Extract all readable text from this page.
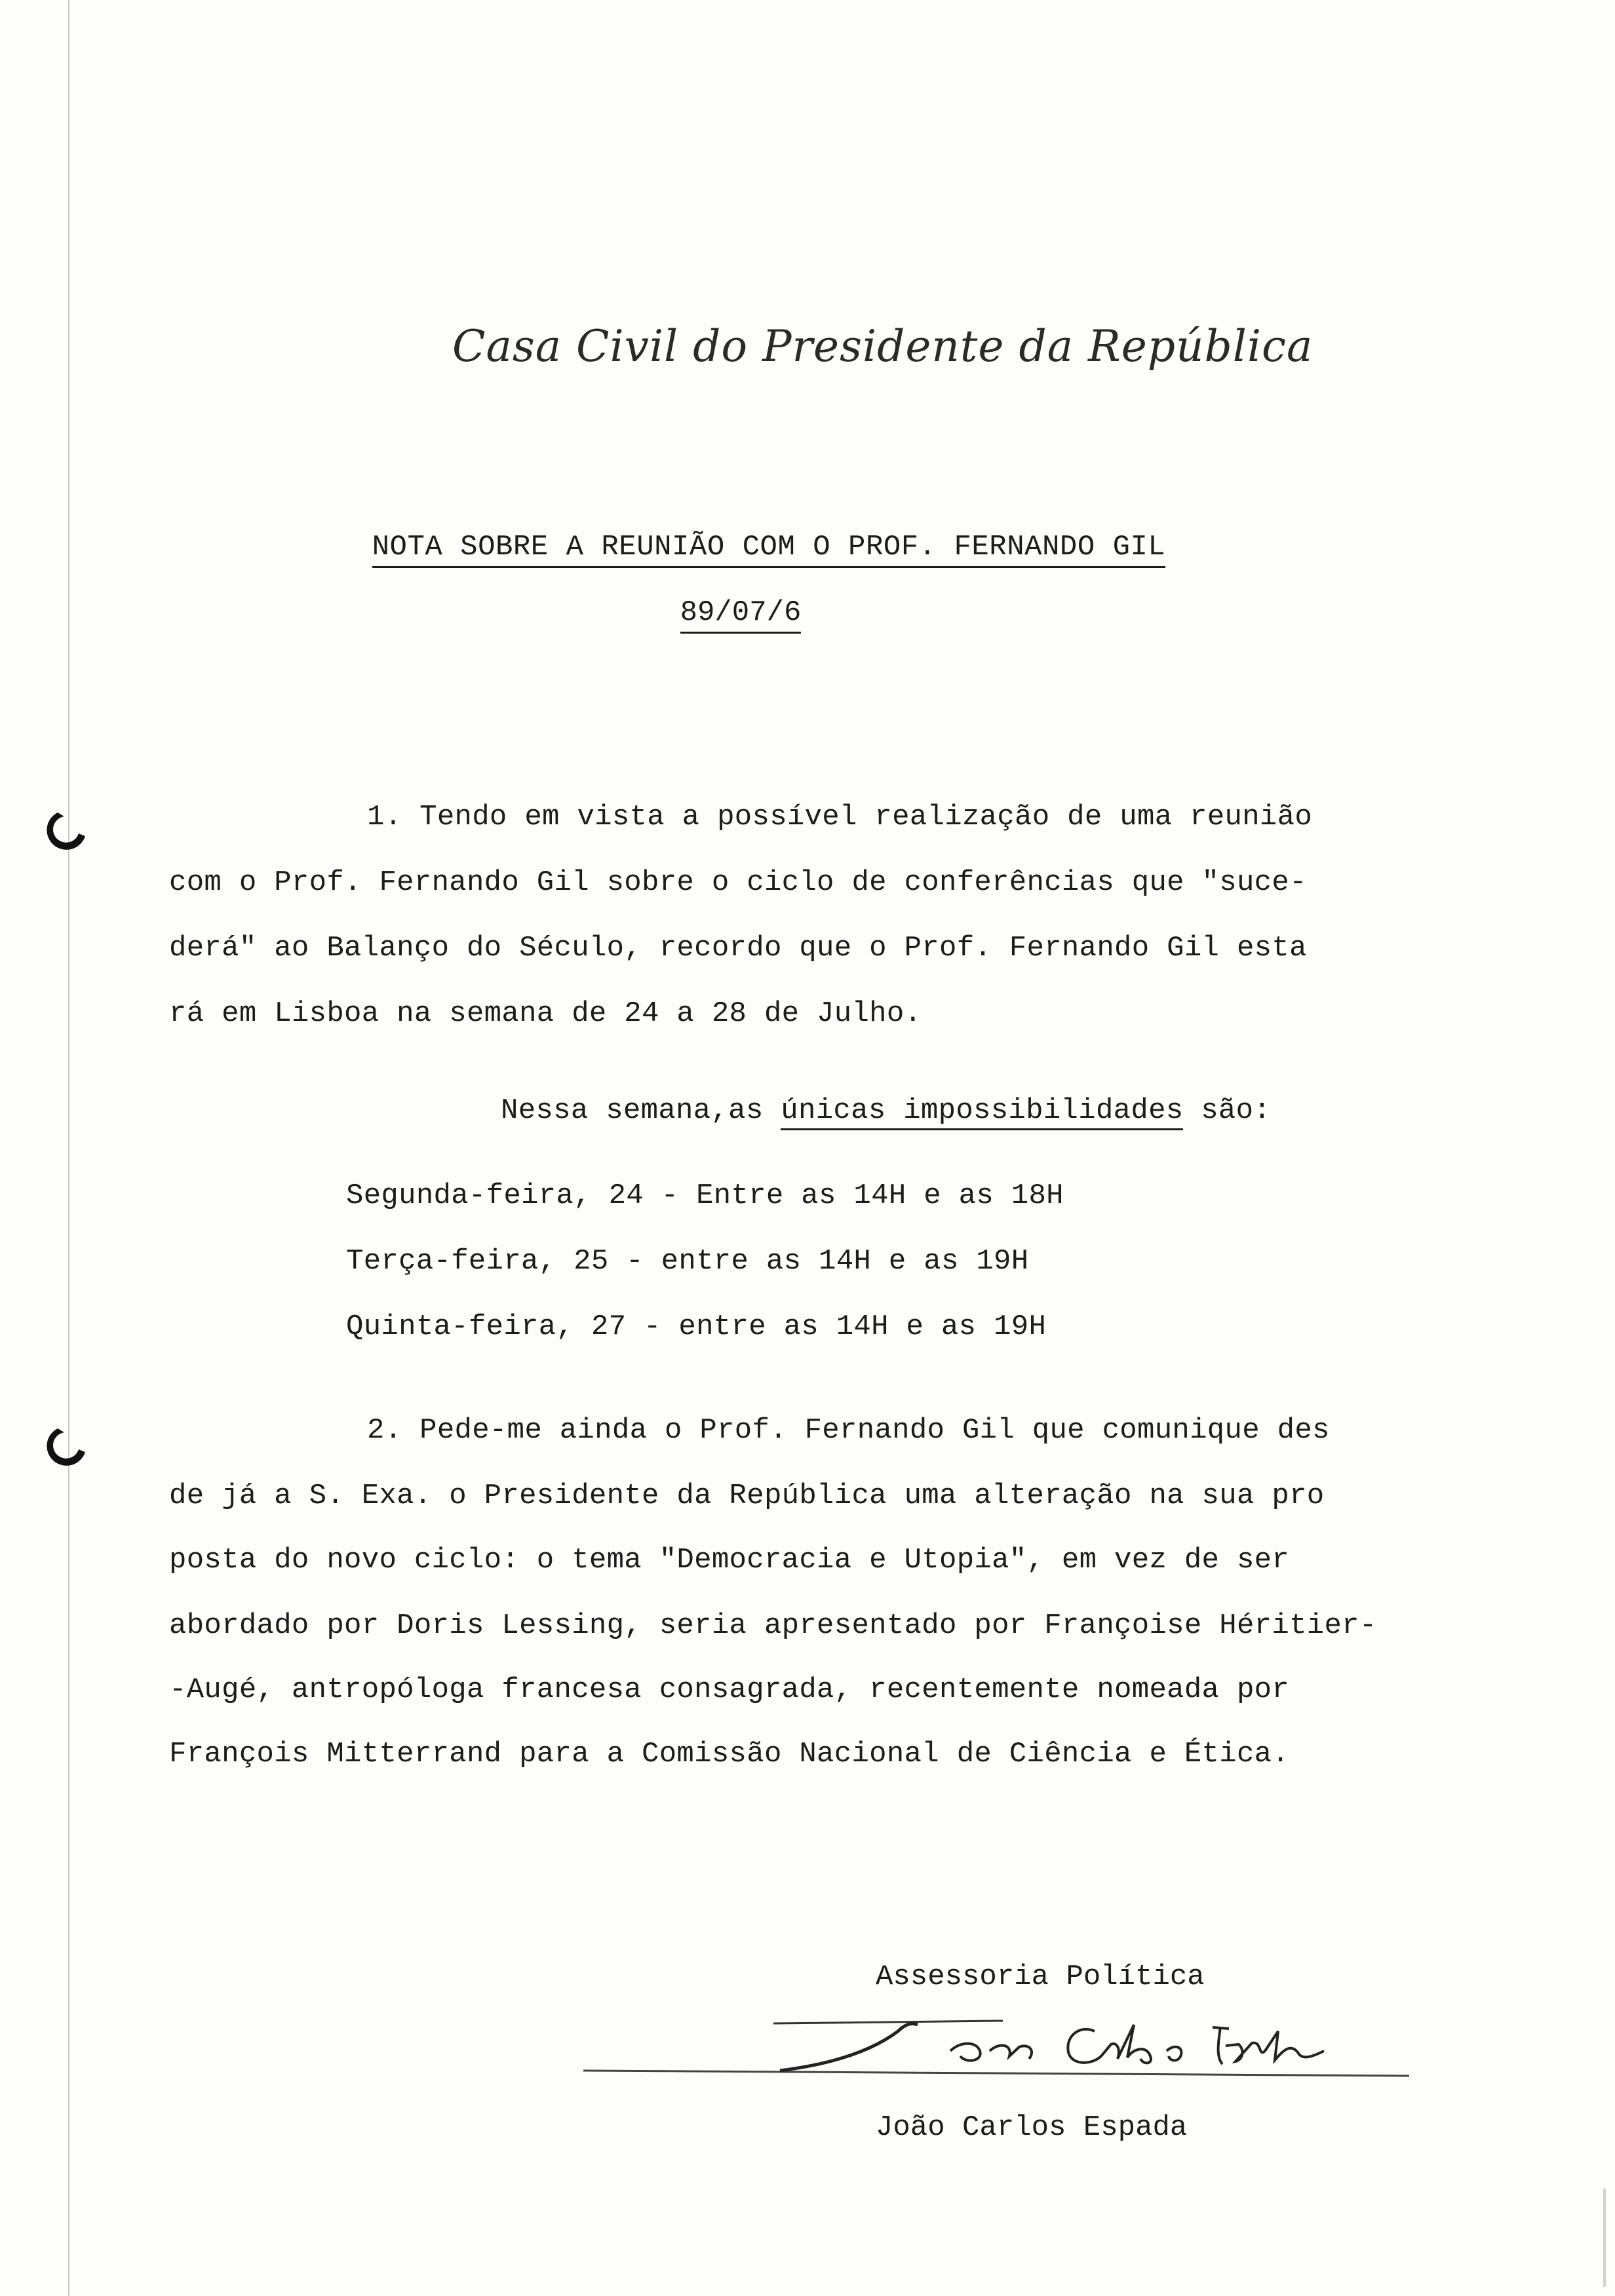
Casa Civil do Presidente da República
NOTA SOBRE A REUNIÃO COM O PROF. FERNANDO GIL
89/07/6
1. Tendo em vista a possível realização de uma reunião
com o Prof. Fernando Gil sobre o ciclo de conferências que "suce-
derá" ao Balanço do Século, recordo que o Prof. Fernando Gil esta
rá em Lisboa na semana de 24 a 28 de Julho.
Nessa semana,as únicas impossibilidades são:
Segunda-feira, 24 - Entre as 14H e as 18H
Terça-feira, 25 - entre as 14H e as 19H
Quinta-feira, 27 - entre as 14H e as 19H
2. Pede-me ainda o Prof. Fernando Gil que comunique des
de já a S. Exa. o Presidente da República uma alteração na sua pro
posta do novo ciclo: o tema "Democracia e Utopia", em vez de ser
abordado por Doris Lessing, seria apresentado por Françoise Héritier-
-Augé, antropóloga francesa consagrada, recentemente nomeada por
François Mitterrand para a Comissão Nacional de Ciência e Ética.
Assessoria Política
João Carlos Espada
